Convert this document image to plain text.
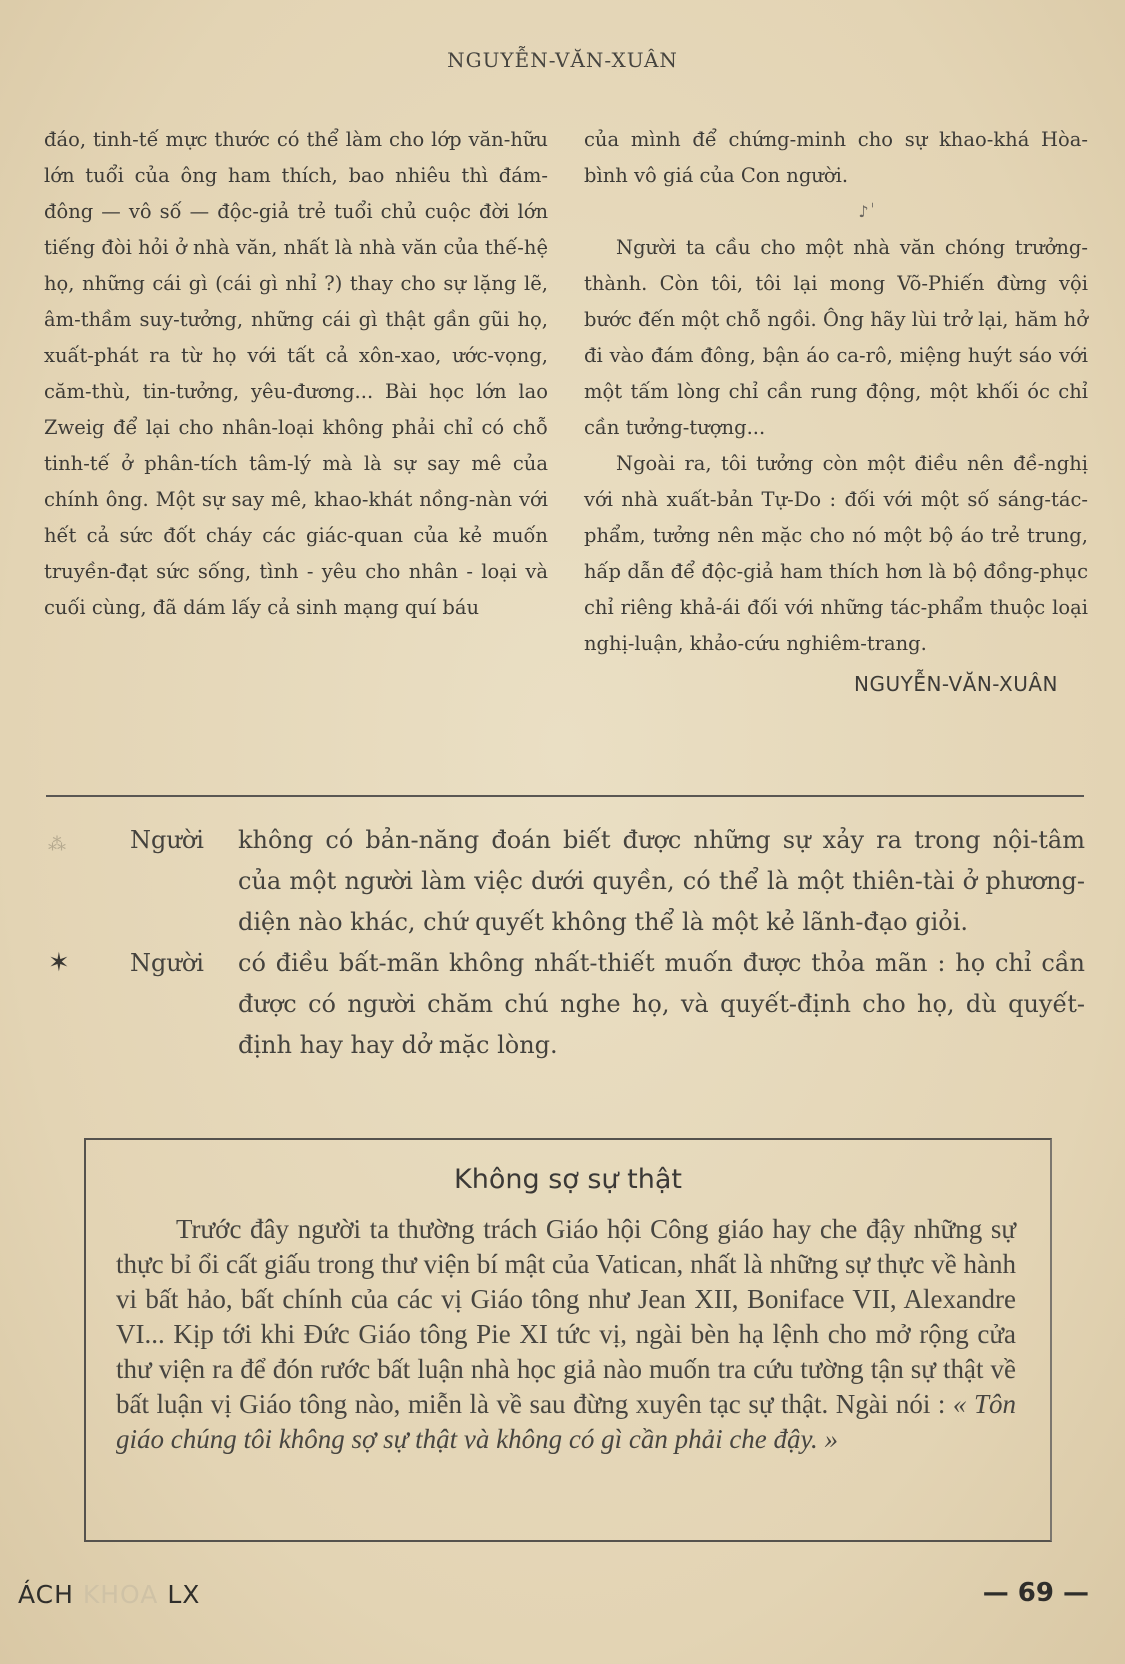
NGUYỄN-VĂN-XUÂN

đáo, tinh-tế mực thước có thể làm cho lớp văn-hữu lớn tuổi của ông ham thích, bao nhiêu thì đám-đông — vô số — độc-giả trẻ tuổi chủ cuộc đời lớn tiếng đòi hỏi ở nhà văn, nhất là nhà văn của thế-hệ họ, những cái gì (cái gì nhỉ ?) thay cho sự lặng lẽ, âm-thầm suy-tưởng, những cái gì thật gần gũi họ, xuất-phát ra từ họ với tất cả xôn-xao, ước-vọng, căm-thù, tin-tưởng, yêu-đương... Bài học lớn lao Zweig để lại cho nhân-loại không phải chỉ có chỗ tinh-tế ở phân-tích tâm-lý mà là sự say mê của chính ông. Một sự say mê, khao-khát nồng-nàn với hết cả sức đốt cháy các giác-quan của kẻ muốn truyền-đạt sức sống, tình - yêu cho nhân - loại và cuối cùng, đã dám lấy cả sinh mạng quí báu

của mình để chứng-minh cho sự khao-khá Hòa-bình vô giá của Con người.

♪ ٰ

Người ta cầu cho một nhà văn chóng trưởng-thành. Còn tôi, tôi lại mong Võ-Phiến đừng vội bước đến một chỗ ngồi. Ông hãy lùi trở lại, hăm hở đi vào đám đông, bận áo ca-rô, miệng huýt sáo với một tấm lòng chỉ cần rung động, một khối óc chỉ cần tưởng-tượng...

Ngoài ra, tôi tưởng còn một điều nên đề-nghị với nhà xuất-bản Tự-Do : đối với một số sáng-tác-phẩm, tưởng nên mặc cho nó một bộ áo trẻ trung, hấp dẫn để độc-giả ham thích hơn là bộ đồng-phục chỉ riêng khả-ái đối với những tác-phẩm thuộc loại nghị-luận, khảo-cứu nghiêm-trang.

NGUYỄN-VĂN-XUÂN
⁂	Người không có bản-năng đoán biết được những sự xảy ra trong nội-tâm của một người làm việc dưới quyền, có thể là một thiên-tài ở phương-diện nào khác, chứ quyết không thể là một kẻ lãnh-đạo giỏi.
✶	Người có điều bất-mãn không nhất-thiết muốn được thỏa mãn : họ chỉ cần được có người chăm chú nghe họ, và quyết-định cho họ, dù quyết-định hay hay dở mặc lòng.
Không sợ sự thật

Trước đây người ta thường trách Giáo hội Công giáo hay che đậy những sự thực bỉ ổi cất giấu trong thư viện bí mật của Vatican, nhất là những sự thực về hành vi bất hảo, bất chính của các vị Giáo tông như Jean XII, Boniface VII, Alexandre VI... Kịp tới khi Đức Giáo tông Pie XI tức vị, ngài bèn hạ lệnh cho mở rộng cửa thư viện ra để đón rước bất luận nhà học giả nào muốn tra cứu tường tận sự thật về bất luận vị Giáo tông nào, miễn là về sau đừng xuyên tạc sự thật. Ngài nói : « Tôn giáo chúng tôi không sợ sự thật và không có gì cần phải che đậy. »

ÁCH KHOA LX	— 69 —
